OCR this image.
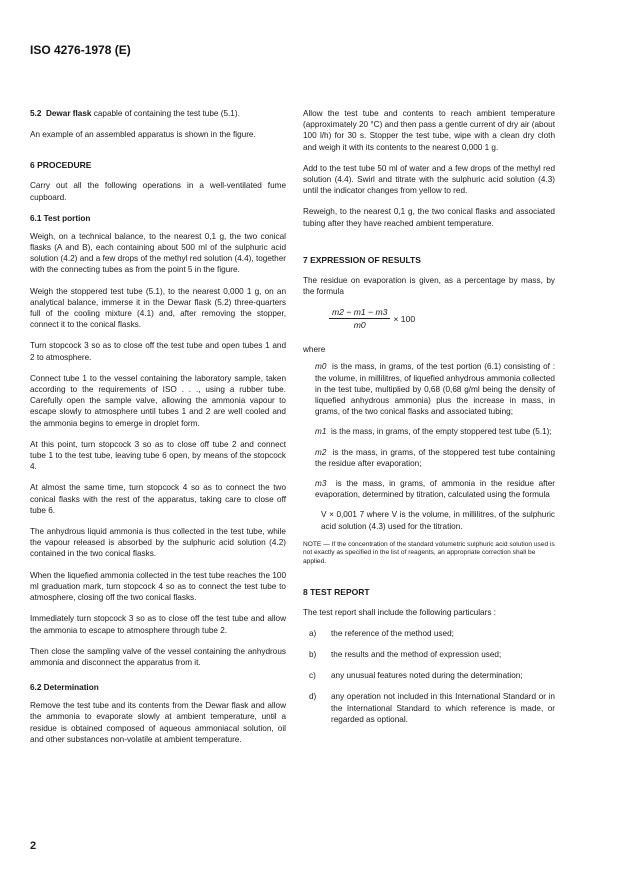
ISO 4276-1978 (E)

5.2 Dewar flask capable of containing the test tube (5.1).

An example of an assembled apparatus is shown in the figure.

6 PROCEDURE

Carry out all the following operations in a well-ventilated fume cupboard.

6.1 Test portion

Weigh, on a technical balance, to the nearest 0,1 g, the two conical flasks (A and B), each containing about 500 ml of the sulphuric acid solution (4.2) and a few drops of the methyl red solution (4.4), together with the connecting tubes as from the point 5 in the figure.

Weigh the stoppered test tube (5.1), to the nearest 0,000 1 g, on an analytical balance, immerse it in the Dewar flask (5.2) three-quarters full of the cooling mixture (4.1) and, after removing the stopper, connect it to the conical flasks.

Turn stopcock 3 so as to close off the test tube and open tubes 1 and 2 to atmosphere.

Connect tube 1 to the vessel containing the laboratory sample, taken according to the requirements of ISO . . ., using a rubber tube. Carefully open the sample valve, allowing the ammonia vapour to escape slowly to atmosphere until tubes 1 and 2 are well cooled and the ammonia begins to emerge in droplet form.

At this point, turn stopcock 3 so as to close off tube 2 and connect tube 1 to the test tube, leaving tube 6 open, by means of the stopcock 4.

At almost the same time, turn stopcock 4 so as to connect the two conical flasks with the rest of the apparatus, taking care to close off tube 6.

The anhydrous liquid ammonia is thus collected in the test tube, while the vapour released is absorbed by the sulphuric acid solution (4.2) contained in the two conical flasks.

When the liquefied ammonia collected in the test tube reaches the 100 ml graduation mark, turn stopcock 4 so as to connect the test tube to atmosphere, closing off the two conical flasks.

Immediately turn stopcock 3 so as to close off the test tube and allow the ammonia to escape to atmosphere through tube 2.

Then close the sampling valve of the vessel containing the anhydrous ammonia and disconnect the apparatus from it.

6.2 Determination

Remove the test tube and its contents from the Dewar flask and allow the ammonia to evaporate slowly at ambient temperature, until a residue is obtained composed of aqueous ammoniacal solution, oil and other substances non-volatile at ambient temperature.

Allow the test tube and contents to reach ambient temperature (approximately 20 °C) and then pass a gentle current of dry air (about 100 l/h) for 30 s. Stopper the test tube, wipe with a clean dry cloth and weigh it with its contents to the nearest 0,000 1 g.

Add to the test tube 50 ml of water and a few drops of the methyl red solution (4.4). Swirl and titrate with the sulphuric acid solution (4.3) until the indicator changes from yellow to red.

Reweigh, to the nearest 0,1 g, the two conical flasks and associated tubing after they have reached ambient temperature.

7 EXPRESSION OF RESULTS

The residue on evaporation is given, as a percentage by mass, by the formula

$\frac{m2 - m1 - m3}{m0} \times 100$

where

m0 is the mass, in grams, of the test portion (6.1) consisting of : the volume, in millilitres, of liquefied anhydrous ammonia collected in the test tube, multiplied by 0,68 (0,68 g/ml being the density of liquefied anhydrous ammonia) plus the increase in mass, in grams, of the two conical flasks and associated tubing;

m1 is the mass, in grams, of the empty stoppered test tube (5.1);

m2 is the mass, in grams, of the stoppered test tube containing the residue after evaporation;

m3 is the mass, in grams, of ammonia in the residue after evaporation, determined by titration, calculated using the formula

V × 0,001 7 where V is the volume, in millilitres, of the sulphuric acid solution (4.3) used for the titration.

NOTE — If the concentration of the standard volumetric sulphuric acid solution used is not exactly as specified in the list of reagents, an appropriate correction shall be applied.

8 TEST REPORT

The test report shall include the following particulars :

a)	the reference of the method used;
b)	the results and the method of expression used;
c)	any unusual features noted during the determination;
d)	any operation not included in this International Standard or in the International Standard to which reference is made, or regarded as optional.
2
